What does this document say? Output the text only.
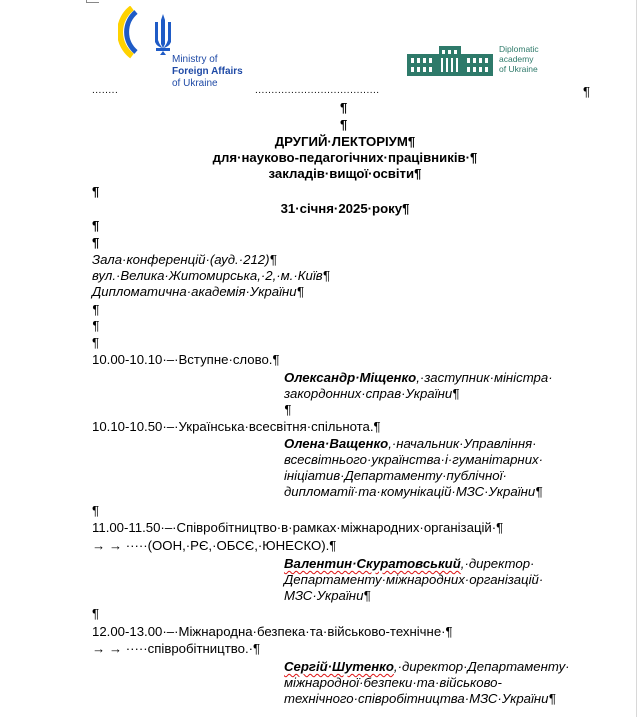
Ministry of
Foreign Affairs
of Ukraine
Diplomatic
academy
of Ukraine
........	......................................	¶
¶
¶
ДРУГИЙ·ЛЕКТОРІУМ¶
для·науково-педагогічних·працівників·¶
закладів·вищої·освіти¶
¶
31·січня·2025·року¶
¶
¶
Зала·конференцій·(ауд.·212)¶
вул.·Велика·Житомирська,·2,·м.·Київ¶
Дипломатична·академія·України¶
¶
¶
¶
10.00-10.10·–·Вступне·слово.¶
Олександр·Міщенко,·заступник·міністра·
закордонних·справ·України¶
¶
10.10-10.50·–·Українська·всесвітня·спільнота.¶
Олена·Ващенко,·начальник·Управління·
всесвітнього·українства·і·гуманітарних·
ініціатив·Департаменту·публічної·
дипломатії·та·комунікацій·МЗС·України¶
¶
11.00-11.50·–·Співробітництво·в·рамках·міжнародних·організацій·¶
→ → ·····(ООН,·РЄ,·ОБСЄ,·ЮНЕСКО).¶
Валентин·Скуратовський,·директор·
Департаменту·міжнародних·організацій·
МЗС·України¶
¶
12.00-13.00·–·Міжнародна·безпека·та·військово-технічне·¶
→ → ·····співробітництво.·¶
Сергій·Шутенко,·директор·Департаменту·
міжнародної·безпеки·та·військово-
технічного·співробітництва·МЗС·України¶
